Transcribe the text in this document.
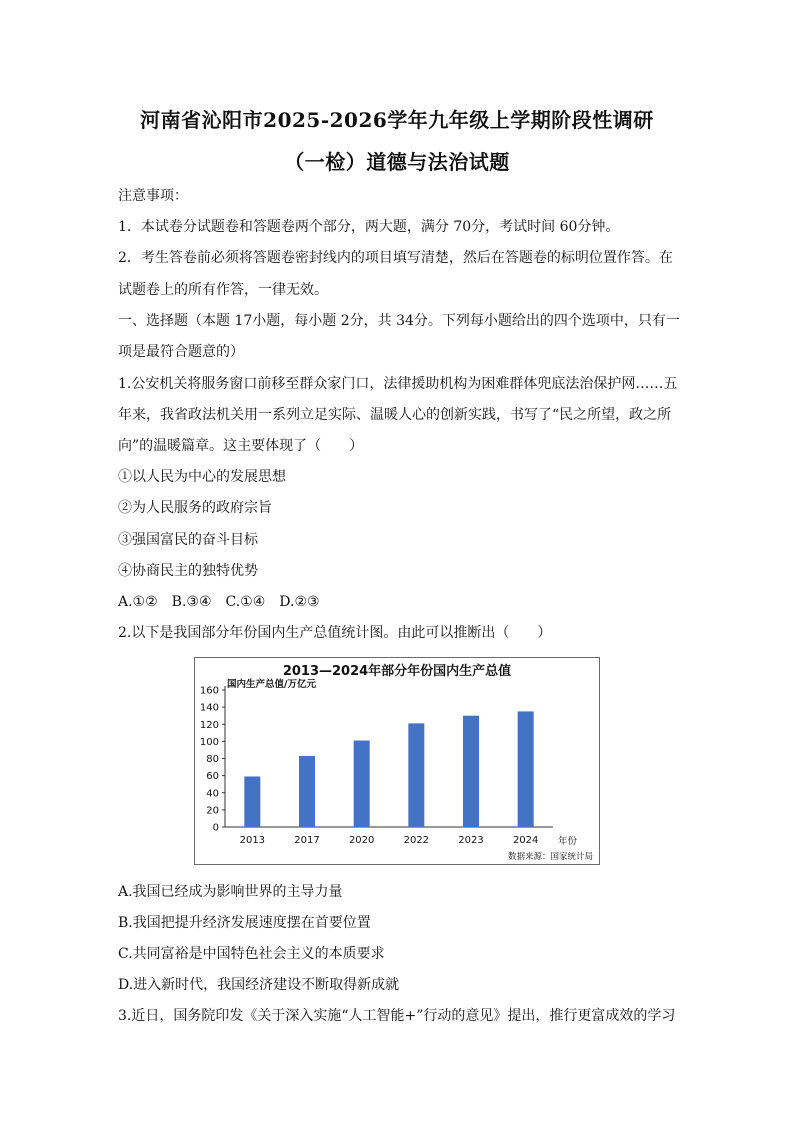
河南省沁阳市2025-2026学年九年级上学期阶段性调研
（一检）道德与法治试题
注意事项：
1．本试卷分试题卷和答题卷两个部分，两大题，满分 70分，考试时间 60分钟。
2．考生答卷前必须将答题卷密封线内的项目填写清楚，然后在答题卷的标明位置作答。在
试题卷上的所有作答，一律无效。
一、选择题（本题 17小题，每小题 2分，共 34分。下列每小题给出的四个选项中，只有一
项是最符合题意的）
1.公安机关将服务窗口前移至群众家门口，法律援助机构为困难群体兜底法治保护网……五
年来，我省政法机关用一系列立足实际、温暖人心的创新实践，书写了“民之所望，政之所
向”的温暖篇章。这主要体现了（　　）
①以人民为中心的发展思想
②为人民服务的政府宗旨
③强国富民的奋斗目标
④协商民主的独特优势
A.①②　B.③④　C.①④　D.②③
2.以下是我国部分年份国内生产总值统计图。由此可以推断出（　　）
2013—2024年部分年份国内生产总值
国内生产总值/万亿元
年份
数据来源：国家统计局
0
20
40
60
80
100
120
140
160
2013	2017	2020	2022	2023	2024
A.我国已经成为影响世界的主导力量
B.我国把提升经济发展速度摆在首要位置
C.共同富裕是中国特色社会主义的本质要求
D.进入新时代，我国经济建设不断取得新成就
3.近日，国务院印发《关于深入实施“人工智能+”行动的意见》提出，推行更富成效的学习
